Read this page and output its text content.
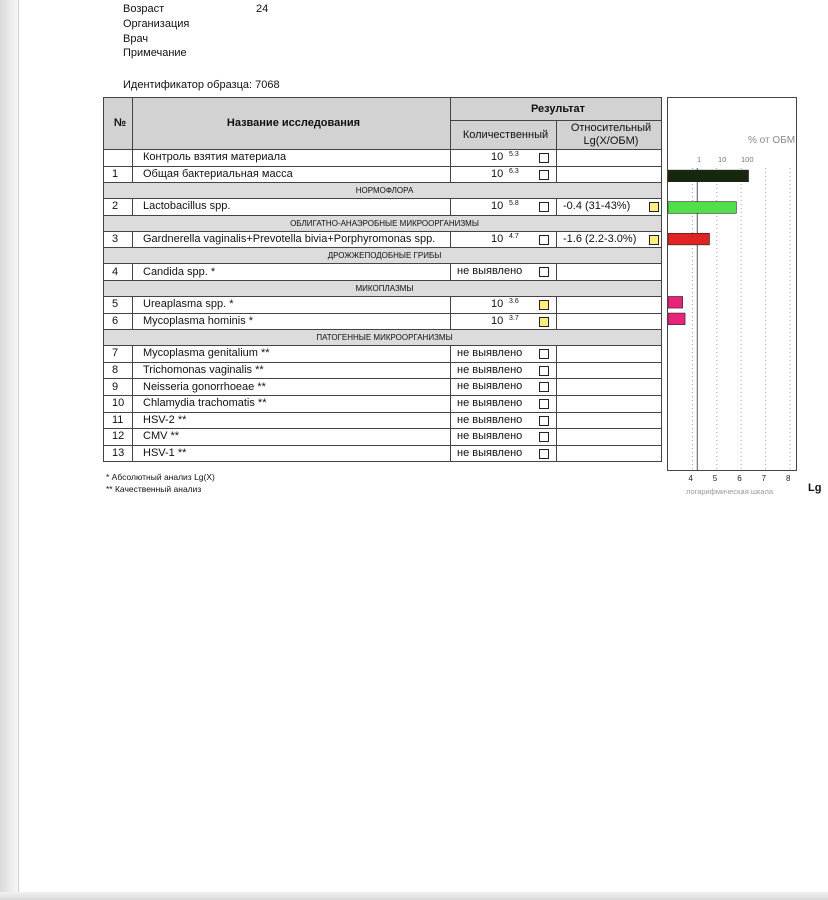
Возраст	24
Организация
Врач
Примечание
Идентификатор образца: 7068
№	Название исследования	Результат	
		Количественный	Относительный
Lg(X/ОБМ)
	Контроль взятия материала	10 5.3	

1	Общая бактериальная масса	10 6.3	

НОРМОФЛОРА			
2	Lactobacillus spp.	10 5.8	-0.4 (31-43%)

ОБЛИГАТНО-АНАЭРОБНЫЕ МИКРООРГАНИЗМЫ			
3	Gardnerella vaginalis+Prevotella bivia+Porphyromonas spp.	10 4.7	-1.6 (2.2-3.0%)

ДРОЖЖЕПОДОБНЫЕ ГРИБЫ			
4	Candida spp. *	не выявлено	

МИКОПЛАЗМЫ			
5	Ureaplasma spp. *	10 3.6	

6	Mycoplasma hominis *	10 3.7	

ПАТОГЕННЫЕ МИКРООРГАНИЗМЫ			
7	Mycoplasma genitalium **	не выявлено	

8	Trichomonas vaginalis **	не выявлено	

9	Neisseria gonorrhoeae **	не выявлено	

10	Chlamydia trachomatis **	не выявлено	

11	HSV-2 **	не выявлено	

12	CMV **	не выявлено	

13	HSV-1 **	не выявлено	

* Абсолютный анализ Lg(X)
** Качественный анализ
% от ОБМ
1 10 100
4 5 6 7 8
логарифмическая шкала	Lg
